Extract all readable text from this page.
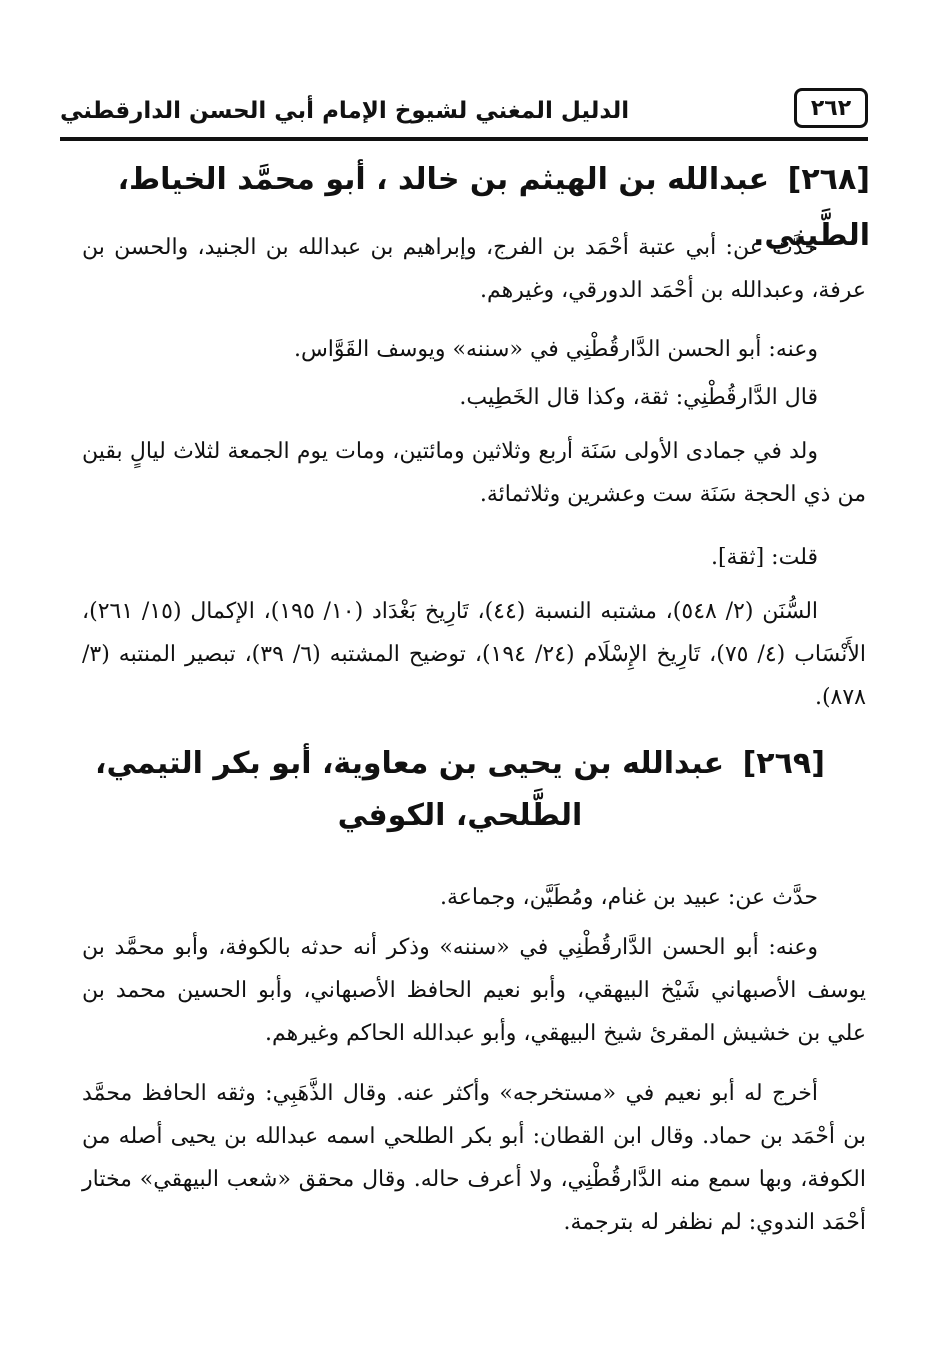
٢٦٢
الدليل المغني لشيوخ الإمام أبي الحسن الدارقطني
[٢٦٨] عبدالله بن الهيثم بن خالد ، أبو محمَّد الخياط، الطَّيني.

حدَّث عن: أبي عتبة أحْمَد بن الفرج، وإبراهيم بن عبدالله بن الجنيد، والحسن بن عرفة، وعبدالله بن أحْمَد الدورقي، وغيرهم.

وعنه: أبو الحسن الدَّارقُطْنِي في «سننه» ويوسف القَوَّاس.

قال الدَّارقُطْنِي: ثقة، وكذا قال الخَطِيب.

ولد في جمادى الأولى سَنَة أربع وثلاثين ومائتين، ومات يوم الجمعة لثلاث ليالٍ بقين من ذي الحجة سَنَة ست وعشرين وثلاثمائة.

قلت: [ثقة].

السُّنَن (٢/ ٥٤٨)، مشتبه النسبة (٤٤)، تَارِيخ بَغْدَاد (١٠/ ١٩٥)، الإكمال (١٥/ ٢٦١)، الأَنْسَاب (٤/ ٧٥)، تَارِيخ الإِسْلَام (٢٤/ ١٩٤)، توضيح المشتبه (٦/ ٣٩)، تبصير المنتبه (٣/ ٨٧٨).

[٢٦٩] عبدالله بن يحيى بن معاوية، أبو بكر التيمي،
الطَّلحي، الكوفي

حدَّث عن: عبيد بن غنام، ومُطَيَّن، وجماعة.

وعنه: أبو الحسن الدَّارقُطْنِي في «سننه» وذكر أنه حدثه بالكوفة، وأبو محمَّد بن يوسف الأصبهاني شَيْخ البيهقي، وأبو نعيم الحافظ الأصبهاني، وأبو الحسين محمد بن علي بن خشيش المقرئ شيخ البيهقي، وأبو عبدالله الحاكم وغيرهم.

أخرج له أبو نعيم في «مستخرجه» وأكثر عنه. وقال الذَّهَبِي: وثقه الحافظ محمَّد بن أحْمَد بن حماد. وقال ابن القطان: أبو بكر الطلحي اسمه عبدالله بن يحيى أصله من الكوفة، وبها سمع منه الدَّارقُطْنِي، ولا أعرف حاله. وقال محقق «شعب البيهقي» مختار أحْمَد الندوي: لم نظفر له بترجمة.
